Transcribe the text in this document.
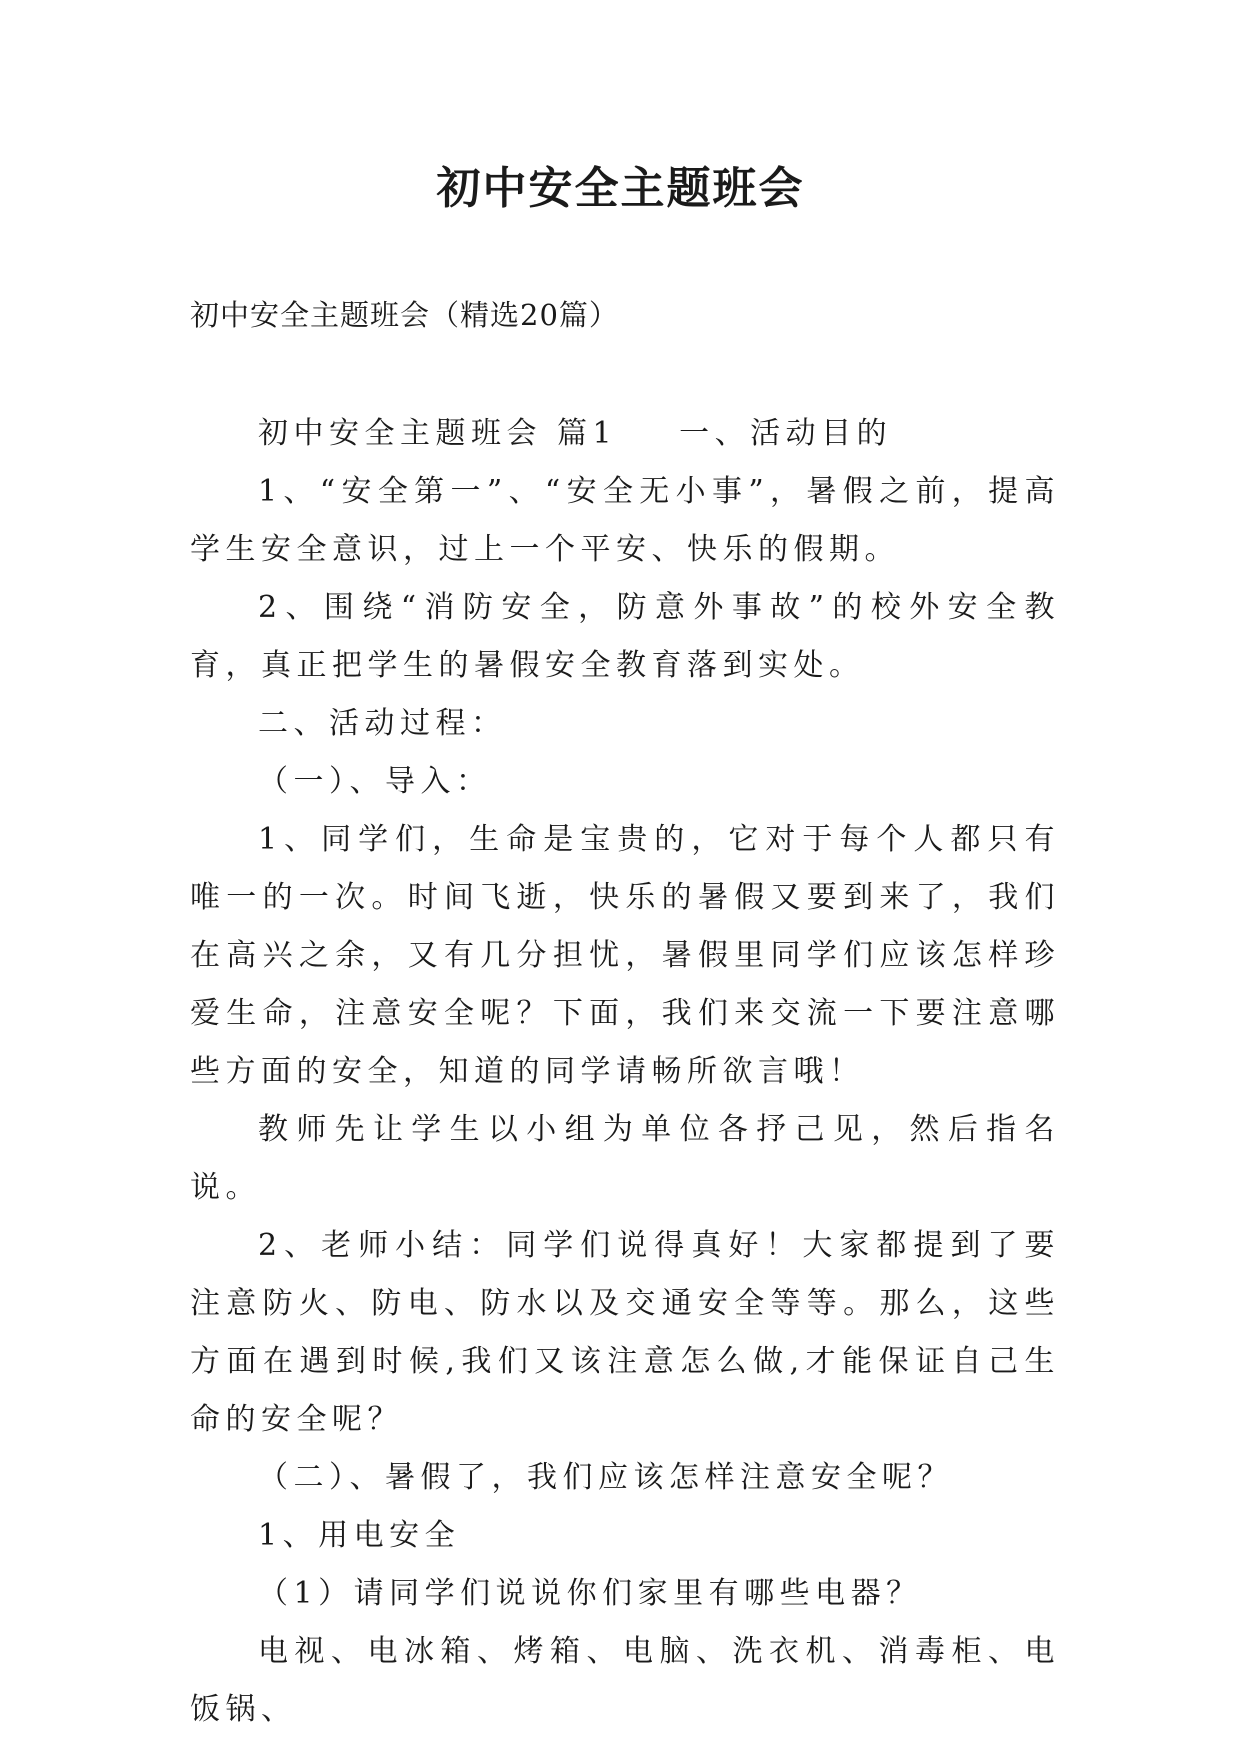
初中安全主题班会
初中安全主题班会（精选20篇）

初中安全主题班会 篇1 一、活动目的

1、“安全第一”、“安全无小事”，暑假之前，提高学生安全意识，过上一个平安、快乐的假期。

2、围绕“消防安全，防意外事故”的校外安全教育，真正把学生的暑假安全教育落到实处。

二、活动过程：

（一）、导入：

1、同学们，生命是宝贵的，它对于每个人都只有唯一的一次。时间飞逝，快乐的暑假又要到来了，我们在高兴之余，又有几分担忧，暑假里同学们应该怎样珍爱生命，注意安全呢？下面，我们来交流一下要注意哪些方面的安全，知道的同学请畅所欲言哦！

教师先让学生以小组为单位各抒己见，然后指名说。

2、老师小结：同学们说得真好！大家都提到了要注意防火、防电、防水以及交通安全等等。那么，这些方面在遇到时候,我们又该注意怎么做,才能保证自己生命的安全呢？

（二）、暑假了，我们应该怎样注意安全呢？

1、用电安全

（1）请同学们说说你们家里有哪些电器？

电视、电冰箱、烤箱、电脑、洗衣机、消毒柜、电饭锅、
